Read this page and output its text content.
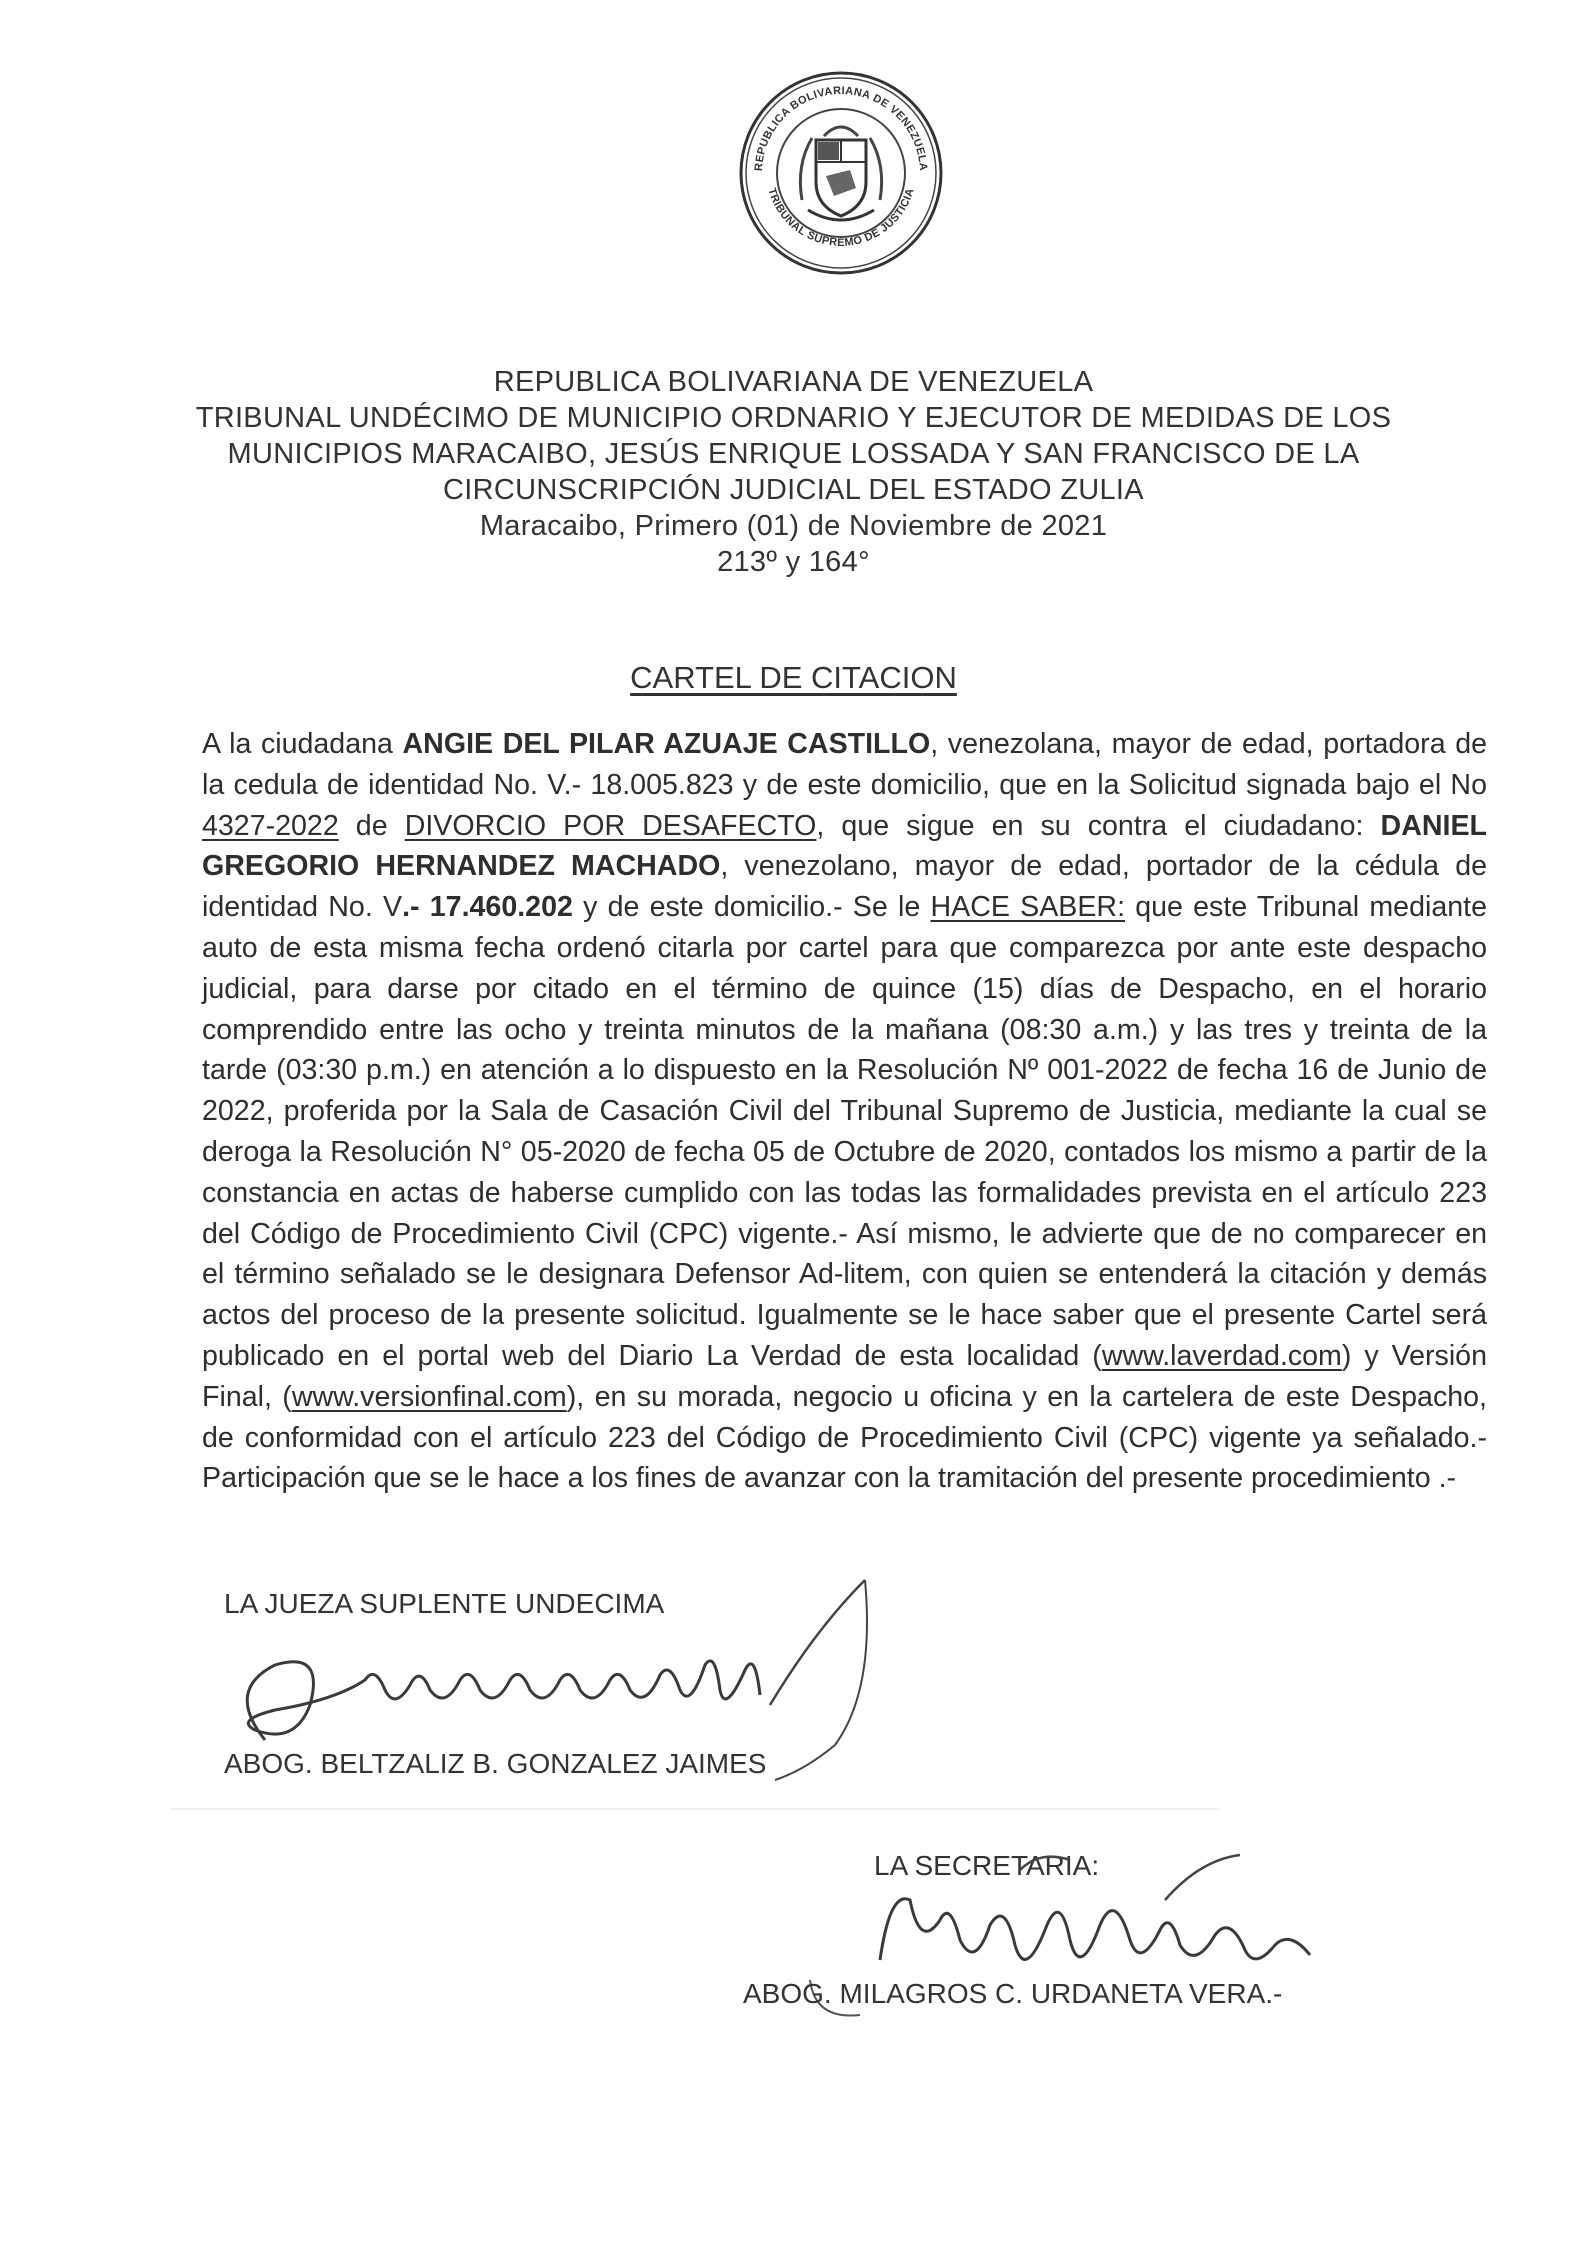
REPUBLICA BOLIVARIANA DE VENEZUELA
TRIBUNAL SUPREMO DE JUSTICIA
REPUBLICA BOLIVARIANA DE VENEZUELA
TRIBUNAL UNDÉCIMO DE MUNICIPIO ORDNARIO Y EJECUTOR DE MEDIDAS DE LOS
MUNICIPIOS MARACAIBO, JESÚS ENRIQUE LOSSADA Y SAN FRANCISCO DE LA
CIRCUNSCRIPCIÓN JUDICIAL DEL ESTADO ZULIA
Maracaibo, Primero (01) de Noviembre de 2021
213º y 164°
CARTEL DE CITACION

A la ciudadana ANGIE DEL PILAR AZUAJE CASTILLO, venezolana, mayor de edad, portadora de la cedula de identidad No. V.- 18.005.823 y de este domicilio, que en la Solicitud signada bajo el No 4327-2022 de DIVORCIO POR DESAFECTO, que sigue en su contra el ciudadano: DANIEL GREGORIO HERNANDEZ MACHADO, venezolano, mayor de edad, portador de la cédula de identidad No. V.- 17.460.202 y de este domicilio.- Se le HACE SABER: que este Tribunal mediante auto de esta misma fecha ordenó citarla por cartel para que comparezca por ante este despacho judicial, para darse por citado en el término de quince (15) días de Despacho, en el horario comprendido entre las ocho y treinta minutos de la mañana (08:30 a.m.) y las tres y treinta de la tarde (03:30 p.m.) en atención a lo dispuesto en la Resolución Nº 001-2022 de fecha 16 de Junio de 2022, proferida por la Sala de Casación Civil del Tribunal Supremo de Justicia, mediante la cual se deroga la Resolución N° 05-2020 de fecha 05 de Octubre de 2020, contados los mismo a partir de la constancia en actas de haberse cumplido con las todas las formalidades prevista en el artículo 223 del Código de Procedimiento Civil (CPC) vigente.- Así mismo, le advierte que de no comparecer en el término señalado se le designara Defensor Ad-litem, con quien se entenderá la citación y demás actos del proceso de la presente solicitud. Igualmente se le hace saber que el presente Cartel será publicado en el portal web del Diario La Verdad de esta localidad (www.laverdad.com) y Versión Final, (www.versionfinal.com), en su morada, negocio u oficina y en la cartelera de este Despacho, de conformidad con el artículo 223 del Código de Procedimiento Civil (CPC) vigente ya señalado.- Participación que se le hace a los fines de avanzar con la tramitación del presente procedimiento .-

LA JUEZA SUPLENTE UNDECIMA
ABOG. BELTZALIZ B. GONZALEZ JAIMES
LA SECRETARIA:
ABOG. MILAGROS C. URDANETA VERA.-
